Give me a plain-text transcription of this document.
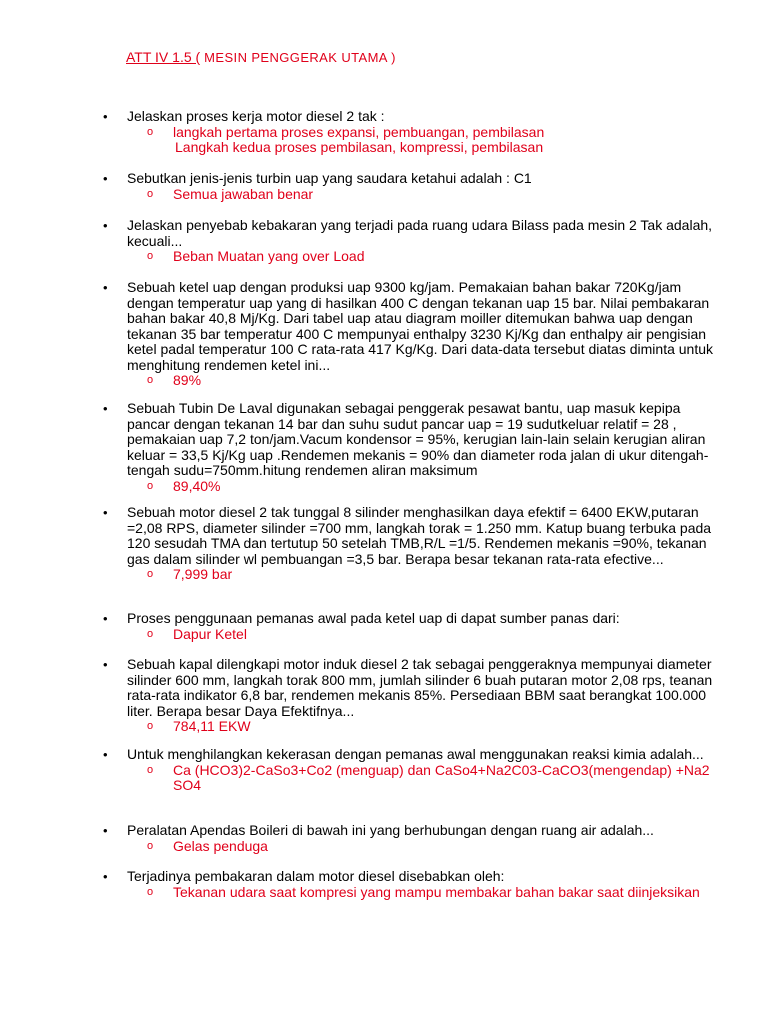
ATT IV 1.5 ( MESIN PENGGERAK UTAMA )
•	Jelaskan proses kerja motor diesel 2 tak :
o langkah pertama proses expansi, pembuangan, pembilasan
Langkah kedua proses pembilasan, kompressi, pembilasan
•	Sebutkan jenis-jenis turbin uap yang saudara ketahui adalah : C1
o Semua jawaban benar
•	Jelaskan penyebab kebakaran yang terjadi pada ruang udara Bilass pada mesin 2 Tak adalah, kecuali...
o Beban Muatan yang over Load
•	Sebuah ketel uap dengan produksi uap 9300 kg/jam. Pemakaian bahan bakar 720Kg/jam dengan temperatur uap yang di hasilkan 400 C dengan tekanan uap 15 bar. Nilai pembakaran bahan bakar 40,8 Mj/Kg. Dari tabel uap atau diagram moiller ditemukan bahwa uap dengan tekanan 35 bar temperatur 400 C mempunyai enthalpy 3230 Kj/Kg dan enthalpy air pengisian ketel padal temperatur 100 C rata-rata 417 Kg/Kg. Dari data-data tersebut diatas diminta untuk menghitung rendemen ketel ini...
o 89%
•	Sebuah Tubin De Laval digunakan sebagai penggerak pesawat bantu, uap masuk kepipa pancar dengan tekanan 14 bar dan suhu sudut pancar uap = 19 sudutkeluar relatif = 28 , pemakaian uap 7,2 ton/jam.Vacum kondensor = 95%, kerugian lain-lain selain kerugian aliran keluar = 33,5 Kj/Kg uap .Rendemen mekanis = 90% dan diameter roda jalan di ukur ditengah-tengah sudu=750mm.hitung rendemen aliran maksimum
o 89,40%
•	Sebuah motor diesel 2 tak tunggal 8 silinder menghasilkan daya efektif = 6400 EKW,putaran =2,08 RPS, diameter silinder =700 mm, langkah torak = 1.250 mm. Katup buang terbuka pada 120 sesudah TMA dan tertutup 50 setelah TMB,R/L =1/5. Rendemen mekanis =90%, tekanan gas dalam silinder wl pembuangan =3,5 bar. Berapa besar tekanan rata-rata efective...
o 7,999 bar
•	Proses penggunaan pemanas awal pada ketel uap di dapat sumber panas dari:
o Dapur Ketel
•	Sebuah kapal dilengkapi motor induk diesel 2 tak sebagai penggeraknya mempunyai diameter silinder 600 mm, langkah torak 800 mm, jumlah silinder 6 buah putaran motor 2,08 rps, teanan rata-rata indikator 6,8 bar, rendemen mekanis 85%. Persediaan BBM saat berangkat 100.000 liter. Berapa besar Daya Efektifnya...
o 784,11 EKW
•	Untuk menghilangkan kekerasan dengan pemanas awal menggunakan reaksi kimia adalah...
o Ca (HCO3)2-CaSo3+Co2 (menguap) dan CaSo4+Na2C03-CaCO3(mengendap) +Na2 SO4
•	Peralatan Apendas Boileri di bawah ini yang berhubungan dengan ruang air adalah...
o Gelas penduga
•	Terjadinya pembakaran dalam motor diesel disebabkan oleh:
o Tekanan udara saat kompresi yang mampu membakar bahan bakar saat diinjeksikan
